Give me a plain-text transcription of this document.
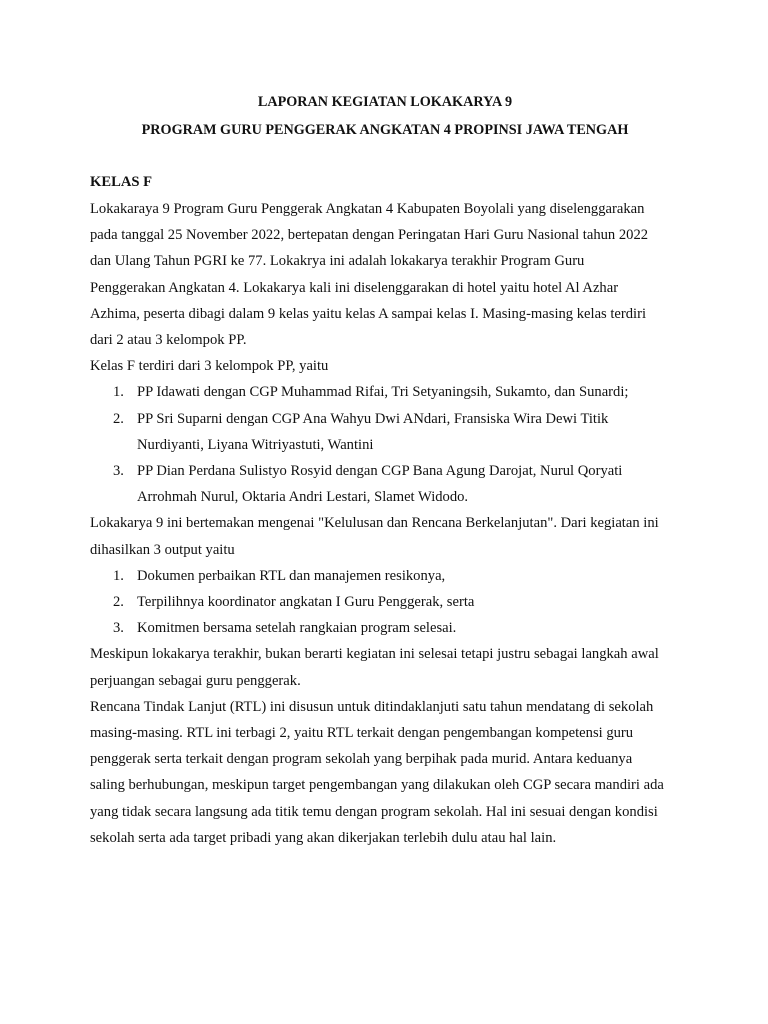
LAPORAN KEGIATAN LOKAKARYA 9

PROGRAM GURU PENGGERAK ANGKATAN 4 PROPINSI JAWA TENGAH

KELAS F

Lokakaraya 9 Program Guru Penggerak Angkatan 4 Kabupaten Boyolali yang diselenggarakan
pada tanggal 25 November 2022, bertepatan dengan Peringatan Hari Guru Nasional tahun 2022
dan Ulang Tahun PGRI ke 77. Lokakrya ini adalah lokakarya terakhir Program Guru
Penggerakan Angkatan 4. Lokakarya kali ini diselenggarakan di hotel yaitu hotel Al Azhar
Azhima, peserta dibagi dalam 9 kelas yaitu kelas A sampai kelas I. Masing-masing kelas terdiri
dari 2 atau 3 kelompok PP.

Kelas F terdiri dari 3 kelompok PP, yaitu

1. PP Idawati dengan CGP Muhammad Rifai, Tri Setyaningsih, Sukamto, dan Sunardi;
2. PP Sri Suparni dengan CGP Ana Wahyu Dwi ANdari, Fransiska Wira Dewi Titik
Nurdiyanti, Liyana Witriyastuti, Wantini
3. PP Dian Perdana Sulistyo Rosyid dengan CGP Bana Agung Darojat, Nurul Qoryati
Arrohmah Nurul, Oktaria Andri Lestari, Slamet Widodo.

Lokakarya 9 ini bertemakan mengenai "Kelulusan dan Rencana Berkelanjutan". Dari kegiatan ini
dihasilkan 3 output yaitu

1. Dokumen perbaikan RTL dan manajemen resikonya,
2. Terpilihnya koordinator angkatan I Guru Penggerak, serta
3. Komitmen bersama setelah rangkaian program selesai.

Meskipun lokakarya terakhir, bukan berarti kegiatan ini selesai tetapi justru sebagai langkah awal
perjuangan sebagai guru penggerak.

Rencana Tindak Lanjut (RTL) ini disusun untuk ditindaklanjuti satu tahun mendatang di sekolah
masing-masing. RTL ini terbagi 2, yaitu RTL terkait dengan pengembangan kompetensi guru
penggerak serta terkait dengan program sekolah yang berpihak pada murid. Antara keduanya
saling berhubungan, meskipun target pengembangan yang dilakukan oleh CGP secara mandiri ada
yang tidak secara langsung ada titik temu dengan program sekolah. Hal ini sesuai dengan kondisi
sekolah serta ada target pribadi yang akan dikerjakan terlebih dulu atau hal lain.
